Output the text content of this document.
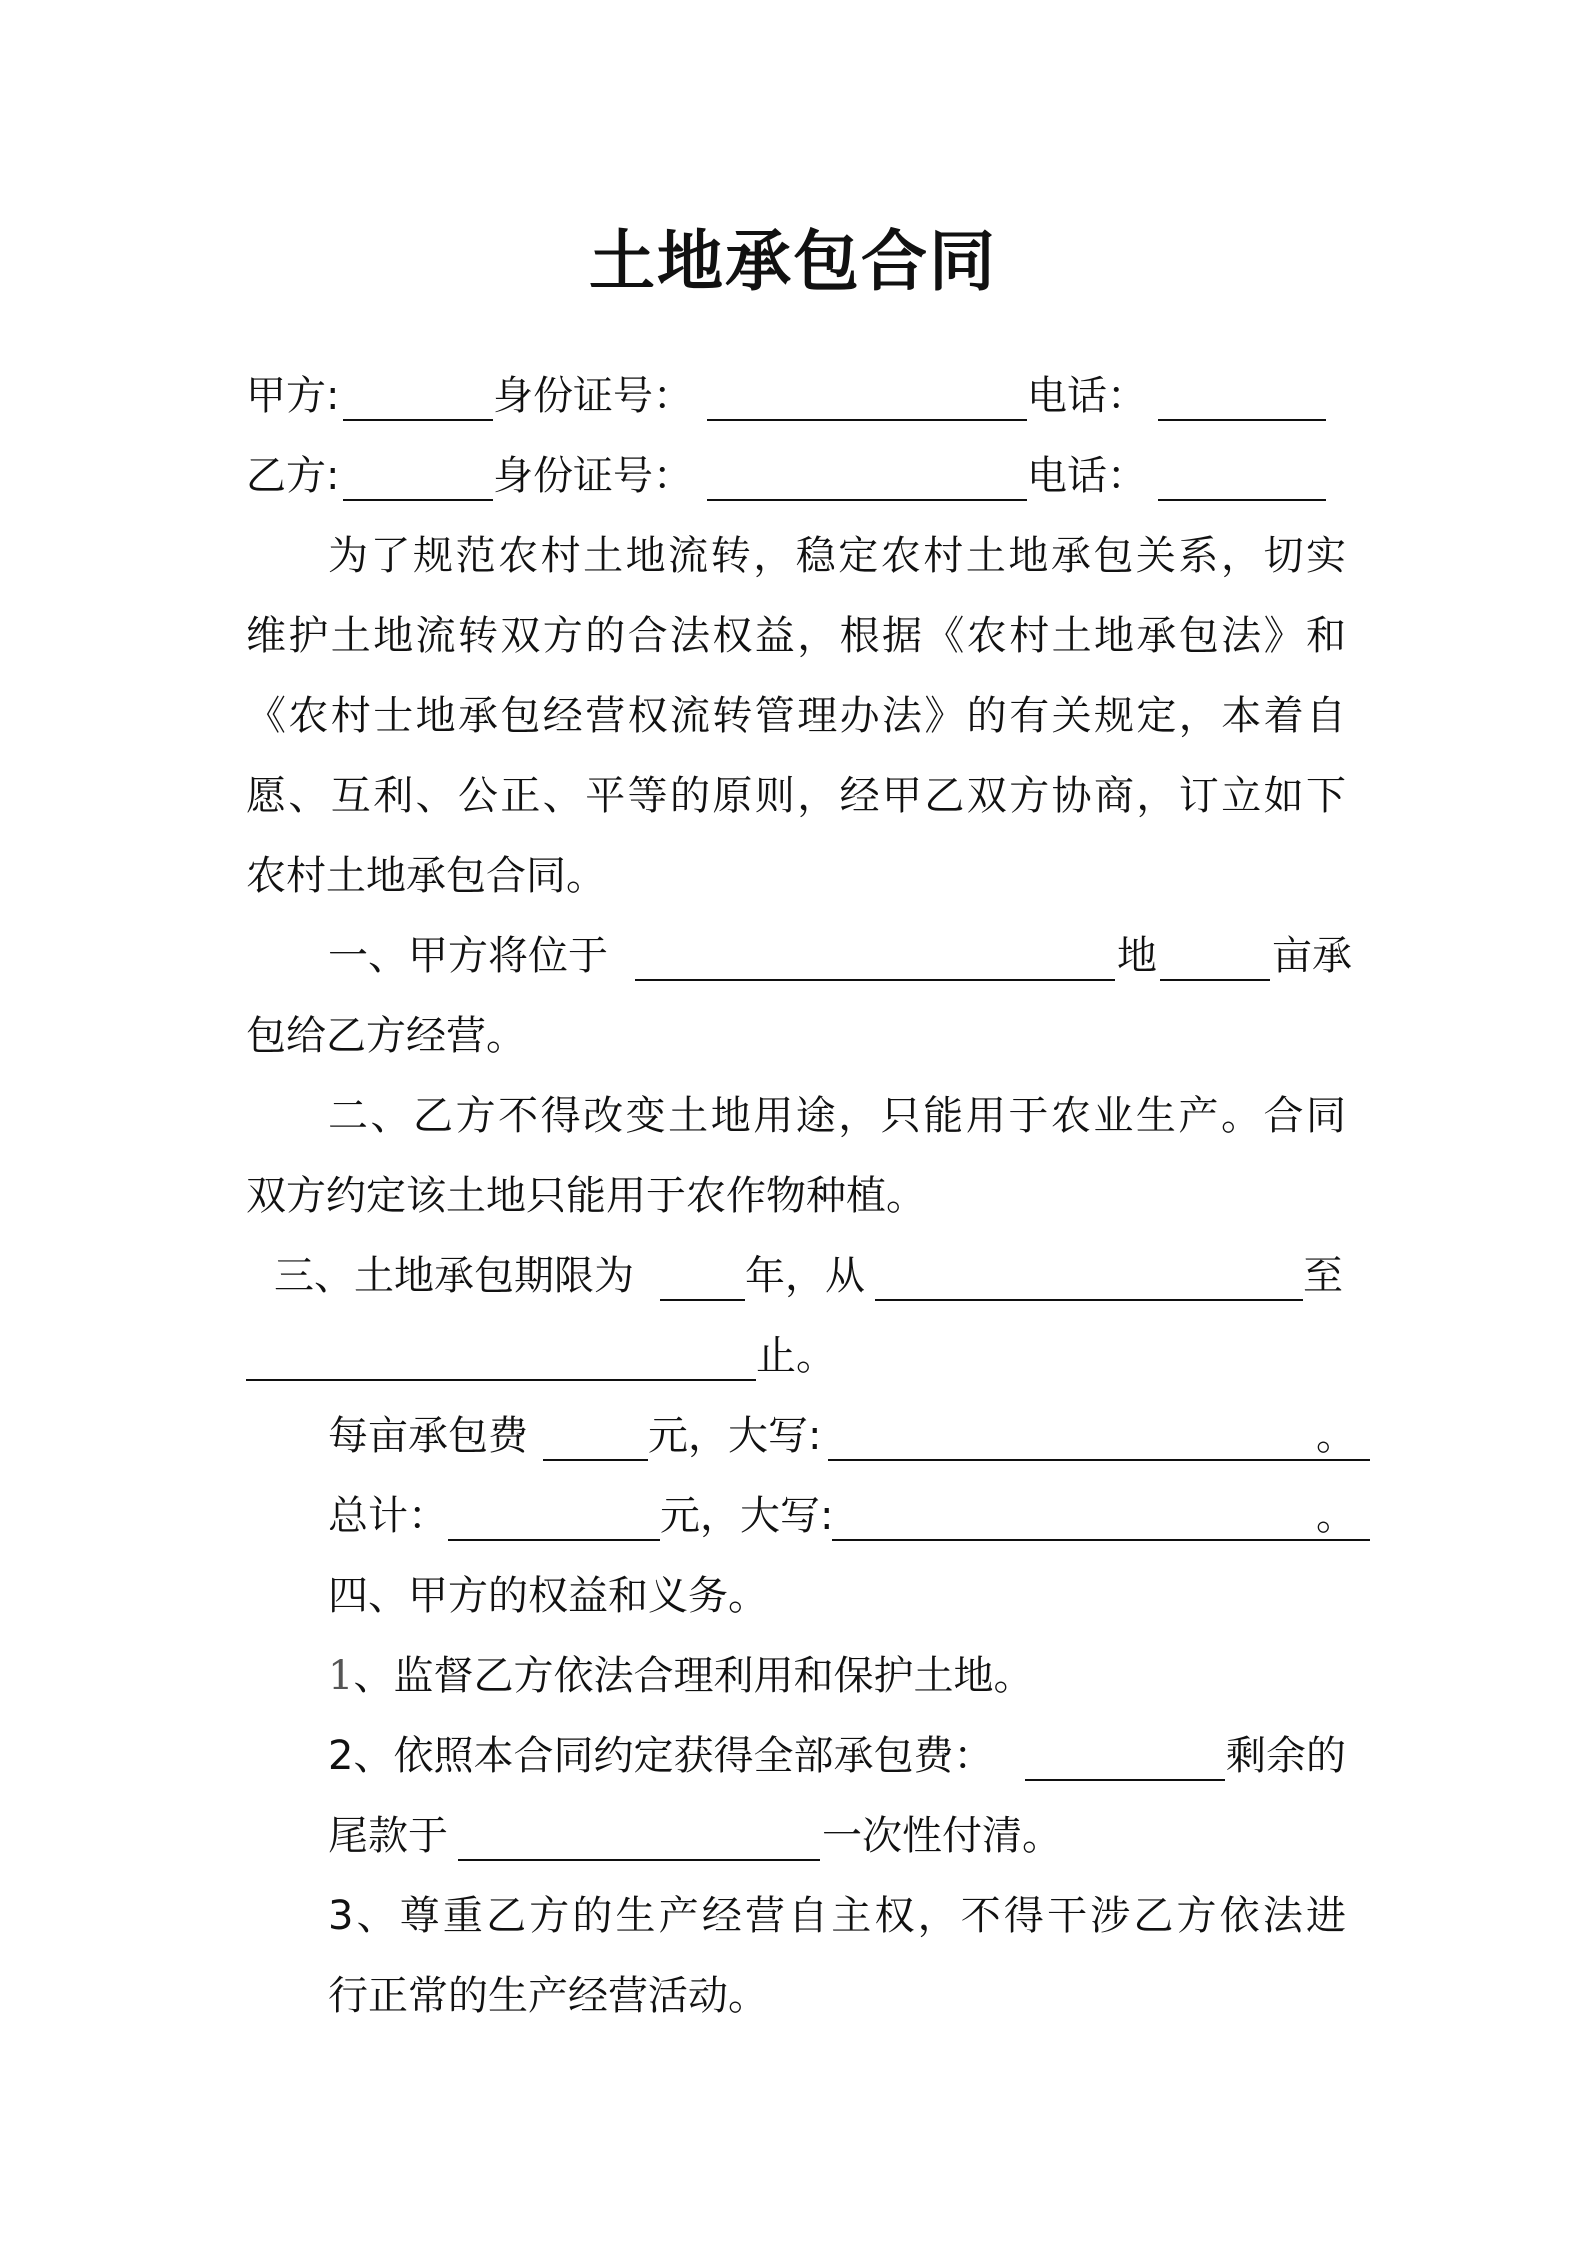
土地承包合同
甲方:	身份证号：	电话：
乙方:	身份证号：	电话：
为了规范农村土地流转，稳定农村土地承包关系，切实
维护土地流转双方的合法权益，根据《农村土地承包法》和
《农村士地承包经营权流转管理办法》的有关规定，本着自
愿、互利、公正、平等的原则，经甲乙双方协商，订立如下
农村土地承包合同。
一、甲方将位于	地	亩承
包给乙方经营。
二、乙方不得改变土地用途，只能用于农业生产。合同
双方约定该土地只能用于农作物种植。
三、土地承包期限为	年，从	至
止。
每亩承包费	元，大写:	。
总计：	元，大写:	。
四、甲方的权益和义务。
1、监督乙方依法合理利用和保护土地。
2、依照本合同约定获得全部承包费：	剩余的
尾款于	一次性付清。
3、尊重乙方的生产经营自主权，不得干涉乙方依法进
行正常的生产经营活动。
